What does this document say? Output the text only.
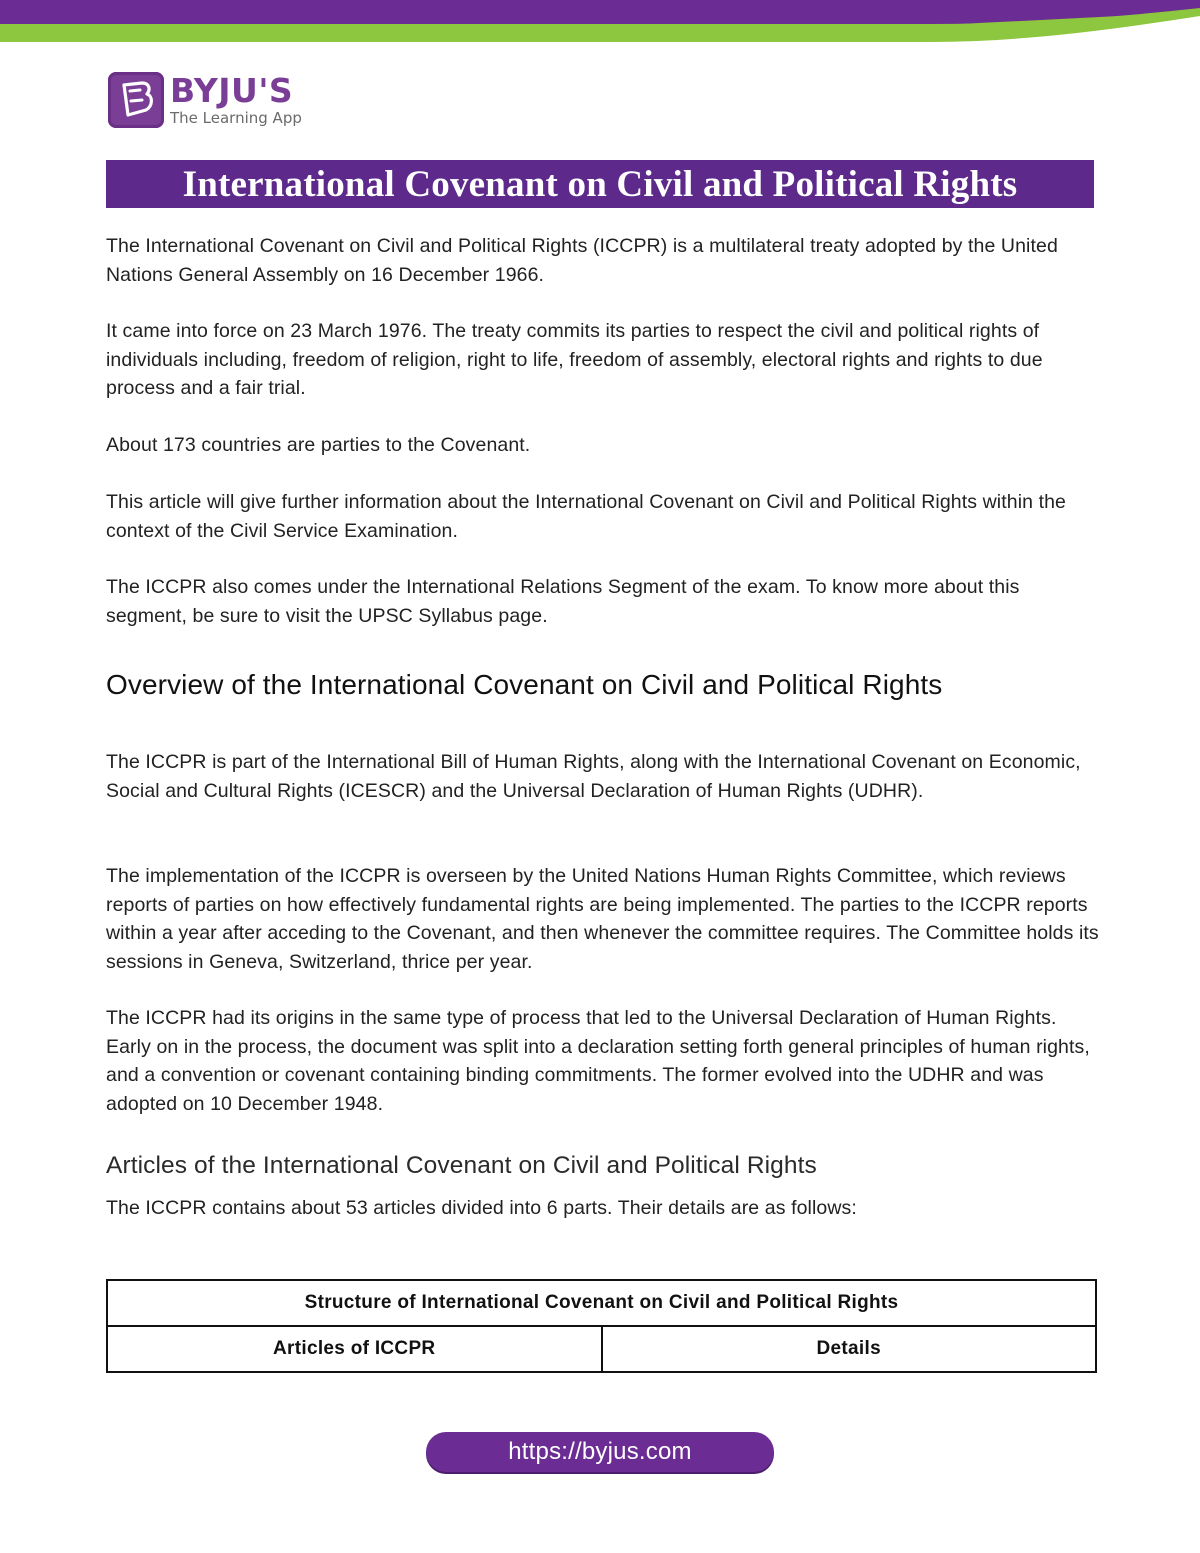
BYJU'S
The Learning App
International Covenant on Civil and Political Rights

The International Covenant on Civil and Political Rights (ICCPR) is a multilateral treaty adopted by the United Nations General Assembly on 16 December 1966.

It came into force on 23 March 1976. The treaty commits its parties to respect the civil and political rights of individuals including, freedom of religion, right to life, freedom of assembly, electoral rights and rights to due process and a fair trial.

About 173 countries are parties to the Covenant.

This article will give further information about the International Covenant on Civil and Political Rights within the context of the Civil Service Examination.

The ICCPR also comes under the International Relations Segment of the exam. To know more about this segment, be sure to visit the UPSC Syllabus page.

Overview of the International Covenant on Civil and Political Rights

The ICCPR is part of the International Bill of Human Rights, along with the International Covenant on Economic, Social and Cultural Rights (ICESCR) and the Universal Declaration of Human Rights (UDHR).

The implementation of the ICCPR is overseen by the United Nations Human Rights Committee, which reviews reports of parties on how effectively fundamental rights are being implemented. The parties to the ICCPR reports within a year after acceding to the Covenant, and then whenever the committee requires. The Committee holds its sessions in Geneva, Switzerland, thrice per year.

The ICCPR had its origins in the same type of process that led to the Universal Declaration of Human Rights. Early on in the process, the document was split into a declaration setting forth general principles of human rights, and a convention or covenant containing binding commitments. The former evolved into the UDHR and was adopted on 10 December 1948.

Articles of the International Covenant on Civil and Political Rights

The ICCPR contains about 53 articles divided into 6 parts. Their details are as follows:

Structure of International Covenant on Civil and Political Rights
Articles of ICCPR	Details
https://byjus.com
